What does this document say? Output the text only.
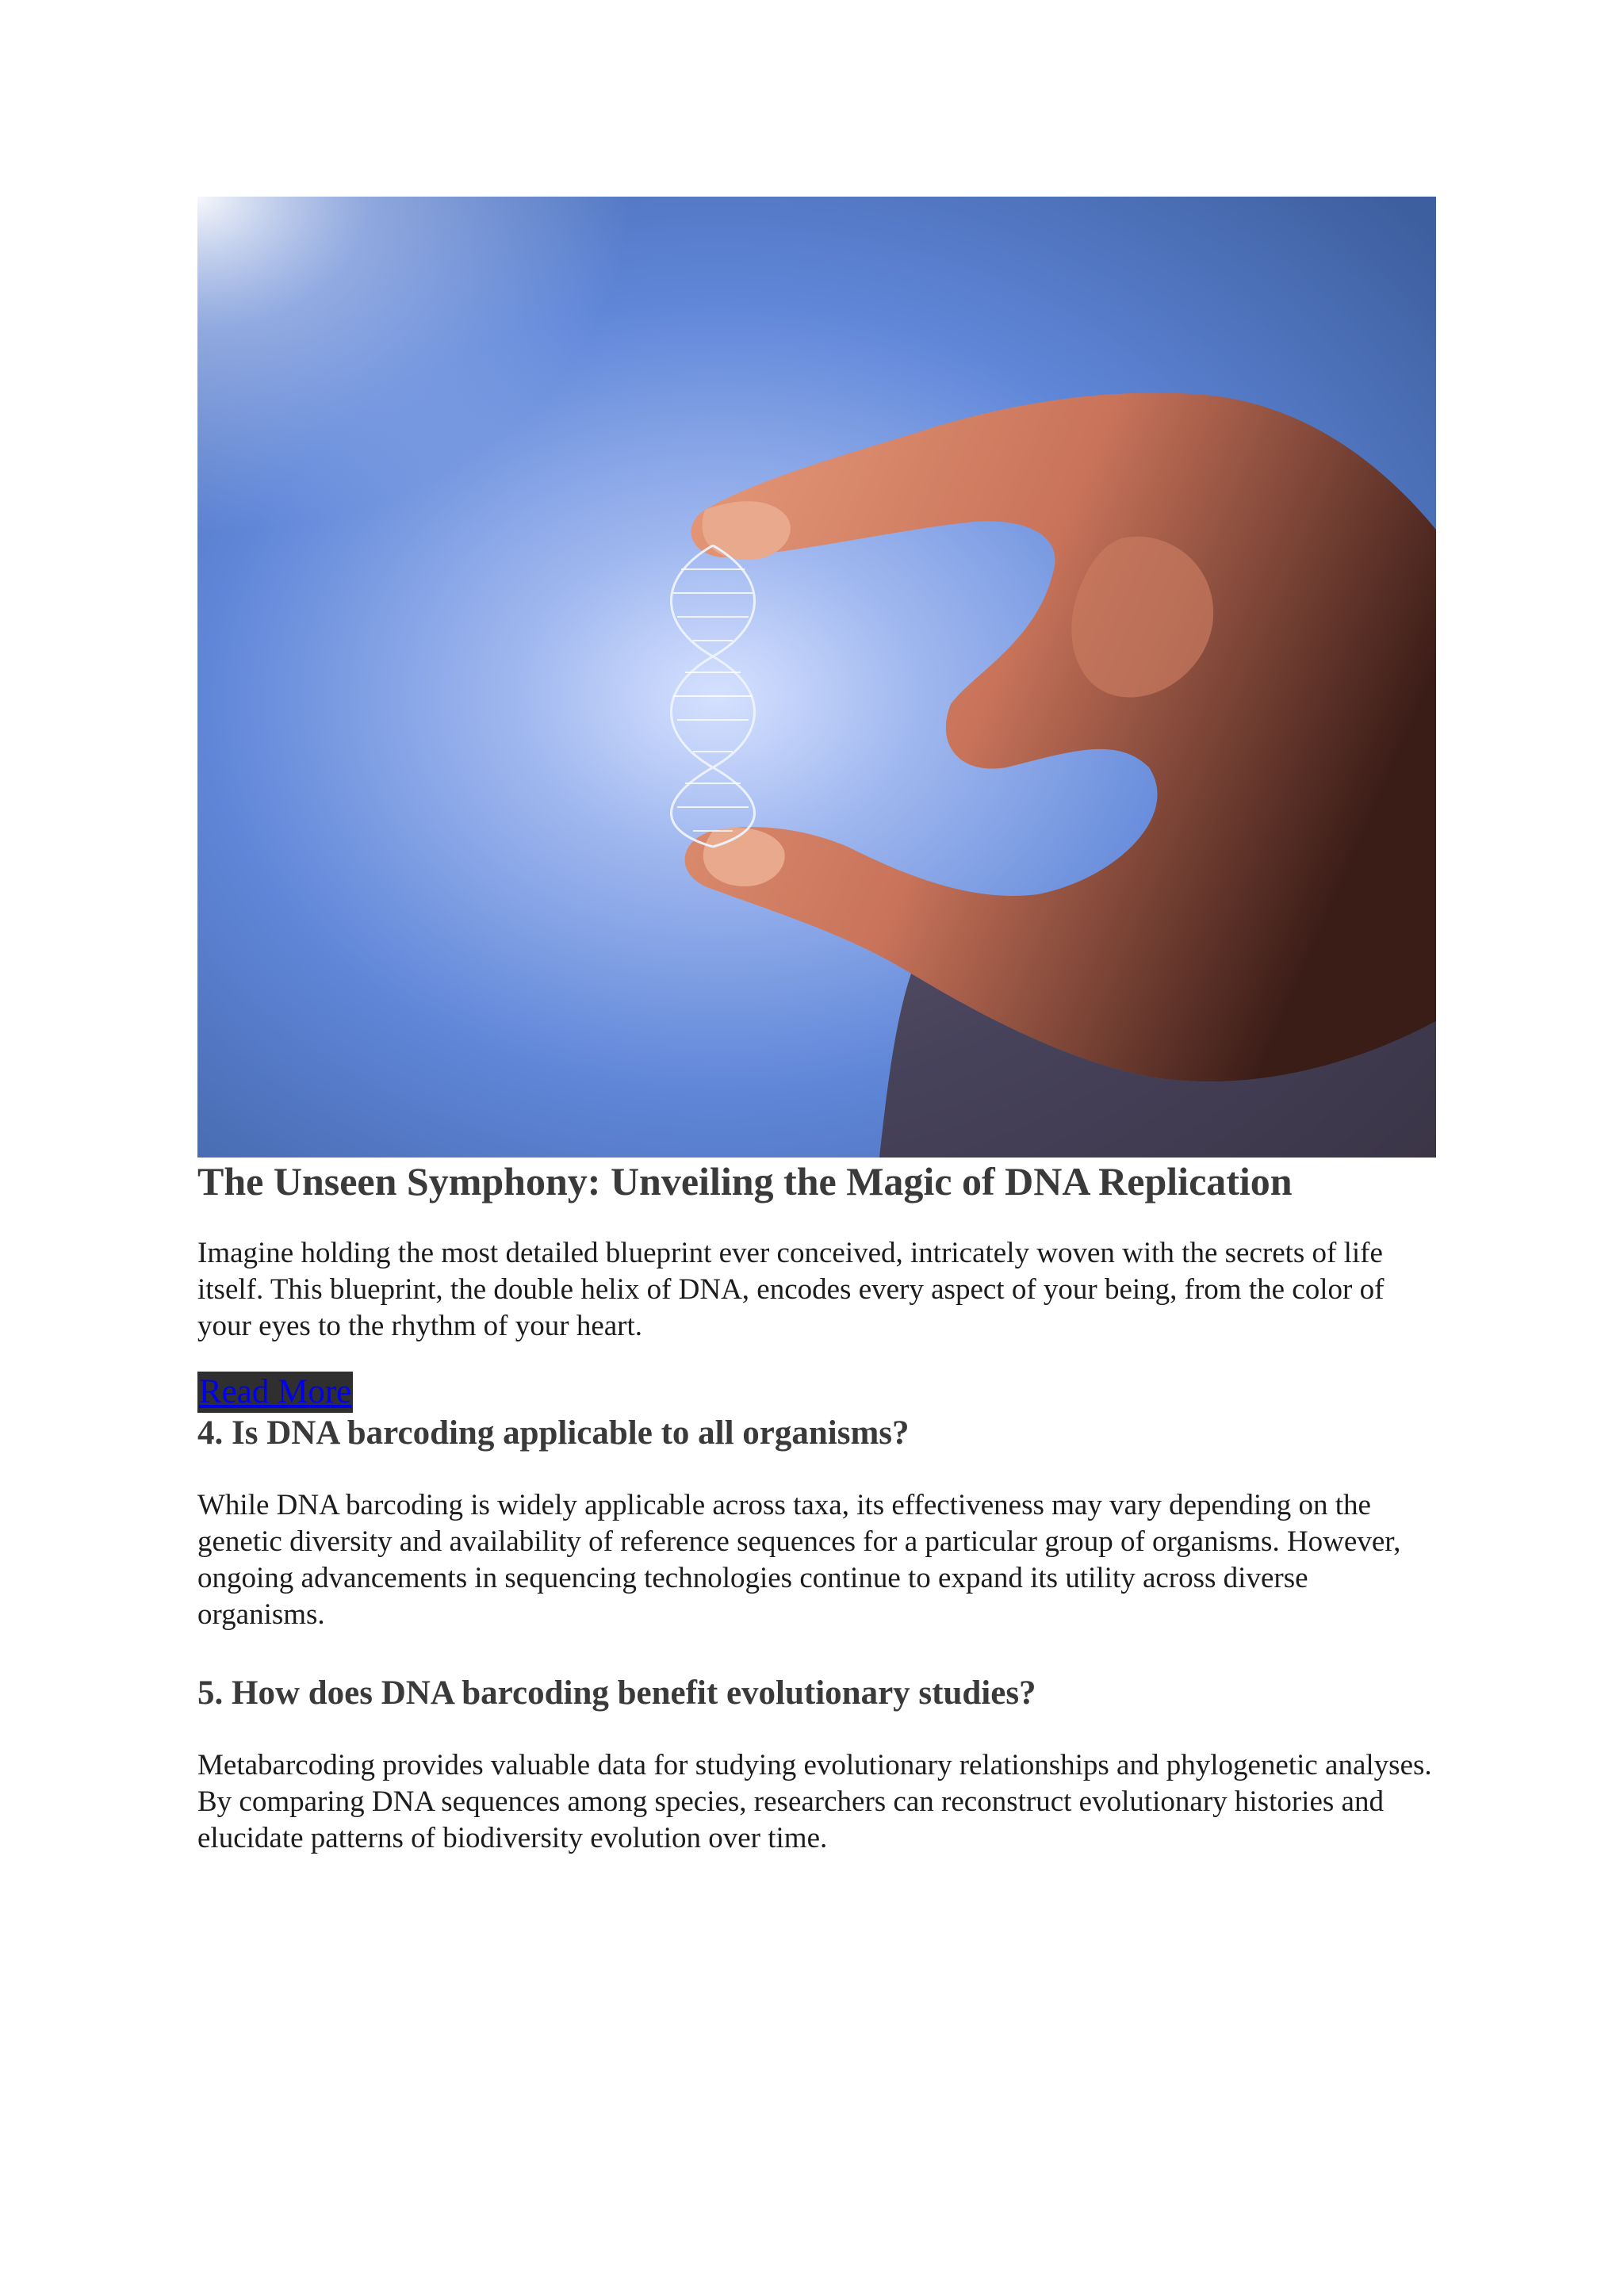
The Unseen Symphony: Unveiling the Magic of DNA Replication

Imagine holding the most detailed blueprint ever conceived, intricately woven with the secrets of life itself. This blueprint, the double helix of DNA, encodes every aspect of your being, from the color of your eyes to the rhythm of your heart.

Read More
4. Is DNA barcoding applicable to all organisms?

While DNA barcoding is widely applicable across taxa, its effectiveness may vary depending on the genetic diversity and availability of reference sequences for a particular group of organisms. However, ongoing advancements in sequencing technologies continue to expand its utility across diverse organisms.

5. How does DNA barcoding benefit evolutionary studies?

Metabarcoding provides valuable data for studying evolutionary relationships and phylogenetic analyses. By comparing DNA sequences among species, researchers can reconstruct evolutionary histories and elucidate patterns of biodiversity evolution over time.
